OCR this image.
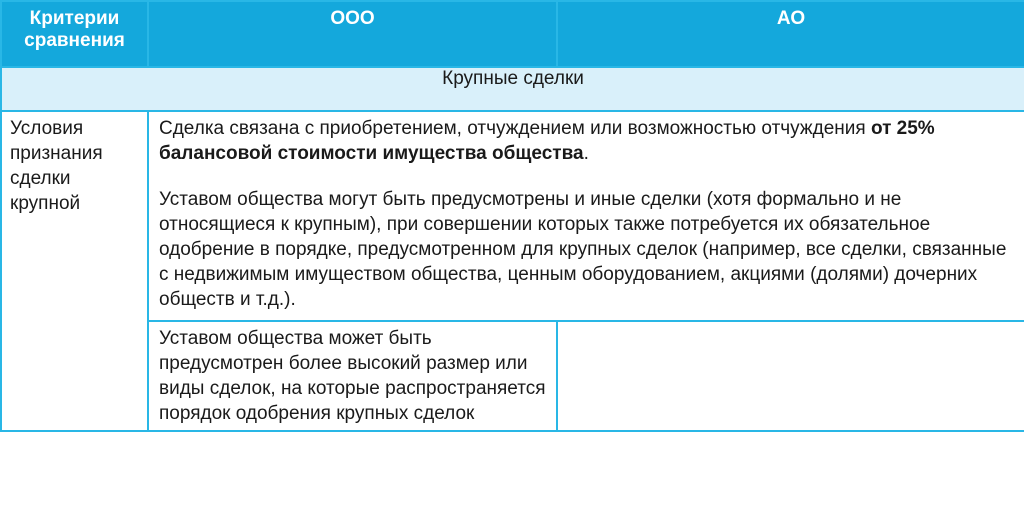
Критерии сравнения	ООО	АО
Крупные сделки		

Условия признания сделки крупной	Сделка связана с приобретением, отчуждением или возможностью отчуждения от 25% балансовой стоимости имущества общества.

Уставом общества могут быть предусмотрены и иные сделки (хотя формально и не относящиеся к крупным), при совершении которых также потребуется их обязательное одобрение в порядке, предусмотренном для крупных сделок (например, все сделки, связанные с недвижимым имуществом общества, ценным оборудованием, акциями (долями) дочерних обществ и т.д.).	

	Уставом общества может быть предусмотрен более высокий размер или виды сделок, на которые распространяется порядок одобрения крупных сделок	
